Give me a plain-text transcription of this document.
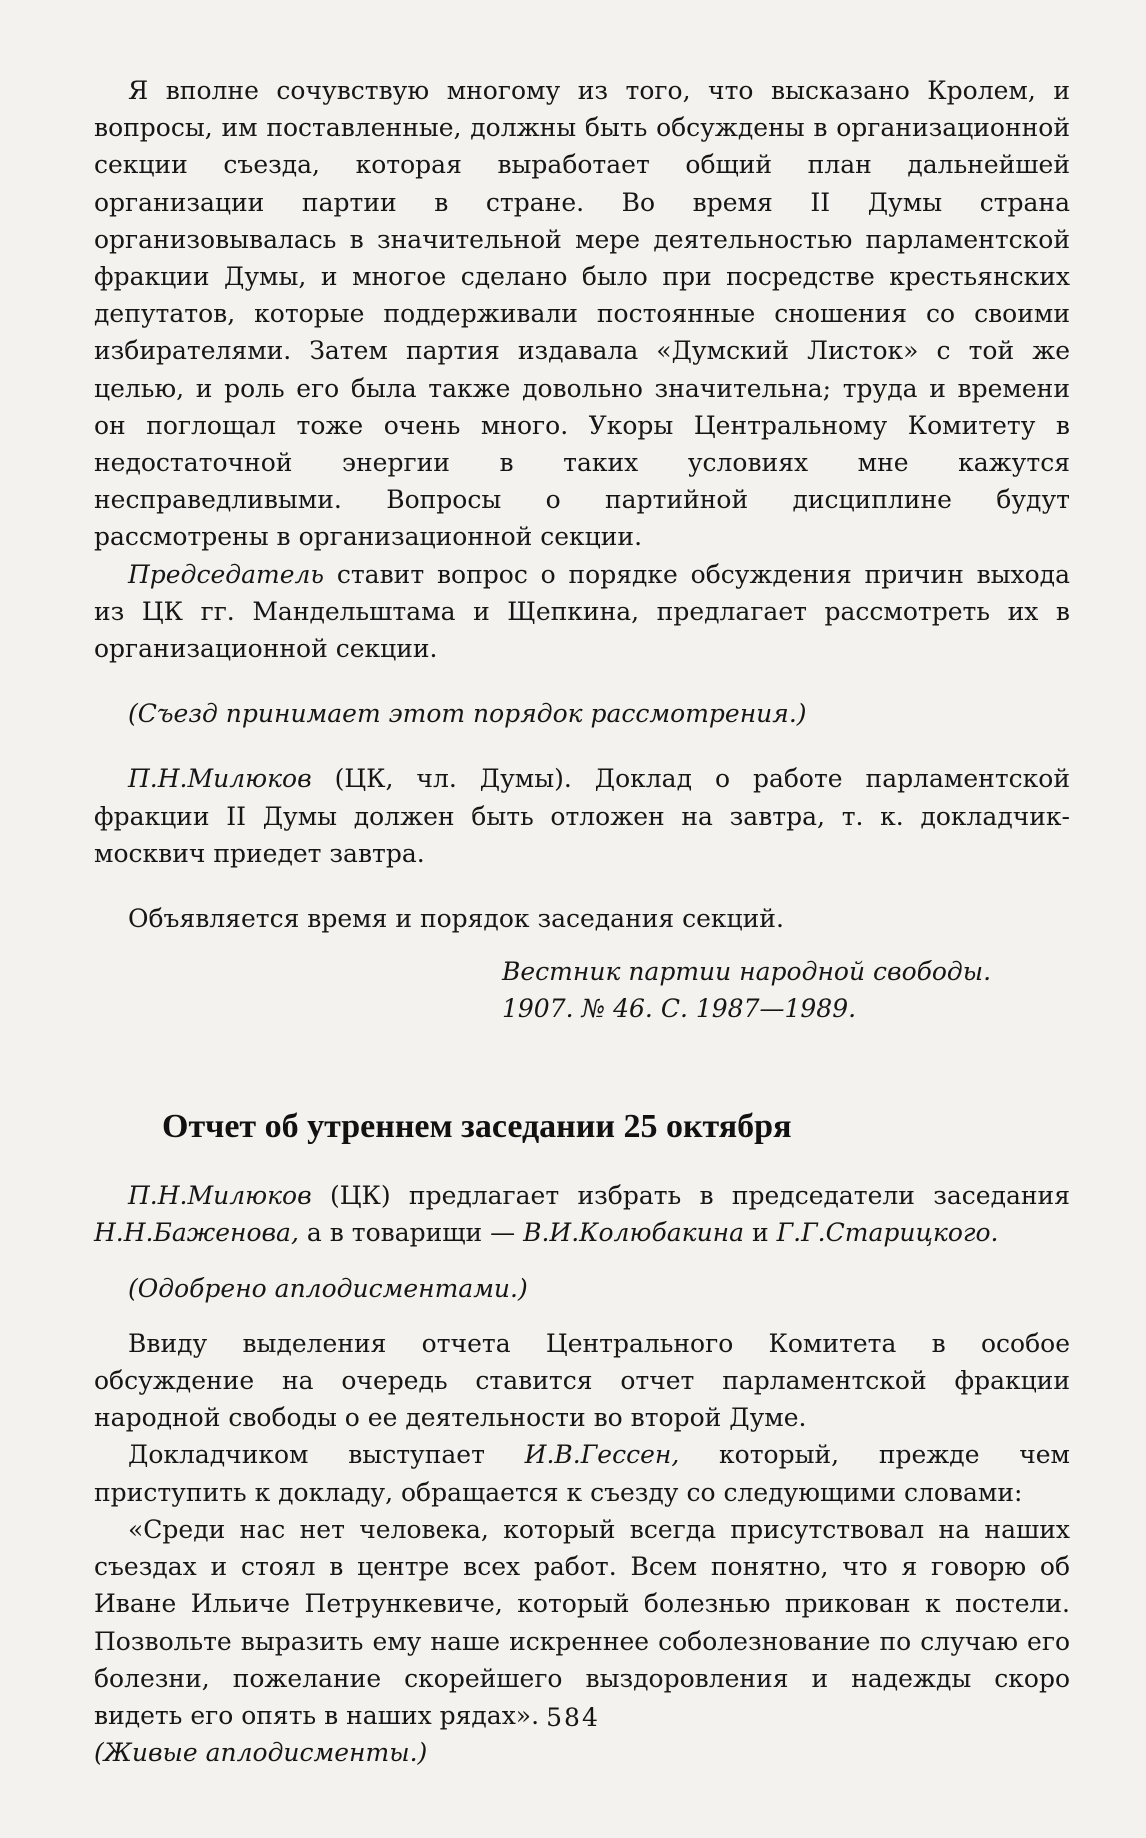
Я вполне сочувствую многому из того, что высказано Кролем, и вопросы, им поставленные, должны быть обсуждены в организационной секции съезда, которая выработает общий план дальнейшей организации партии в стране. Во время II Думы страна организовывалась в значительной мере деятельностью парламентской фракции Думы, и многое сделано было при посредстве крестьянских депутатов, которые поддерживали постоянные сношения со своими избирателями. Затем партия издавала «Думский Листок» с той же целью, и роль его была также довольно значительна; труда и времени он поглощал тоже очень много. Укоры Центральному Комитету в недостаточной энергии в таких условиях мне кажутся несправедливыми. Вопросы о партийной дисциплине будут рассмотрены в организационной секции.

Председатель ставит вопрос о порядке обсуждения причин выхода из ЦК гг. Мандельштама и Щепкина, предлагает рассмотреть их в организационной секции.

(Съезд принимает этот порядок рассмотрения.)

П.Н.Милюков (ЦК, чл. Думы). Доклад о работе парламентской фракции II Думы должен быть отложен на завтра, т. к. докладчик-москвич приедет завтра.

Объявляется время и порядок заседания секций.

Вестник партии народной свободы.
1907. № 46. С. 1987—1989.

Отчет об утреннем заседании 25 октября

П.Н.Милюков (ЦК) предлагает избрать в председатели заседания Н.Н.Баженова, а в товарищи — В.И.Колюбакина и Г.Г.Старицкого.

(Одобрено аплодисментами.)

Ввиду выделения отчета Центрального Комитета в особое обсуждение на очередь ставится отчет парламентской фракции народной свободы о ее деятельности во второй Думе.

Докладчиком выступает И.В.Гессен, который, прежде чем приступить к докладу, обращается к съезду со следующими словами:

«Среди нас нет человека, который всегда присутствовал на наших съездах и стоял в центре всех работ. Всем понятно, что я говорю об Иване Ильиче Петрункевиче, который болезнью прикован к постели. Позвольте выразить ему наше искреннее соболезнование по случаю его болезни, пожелание скорейшего выздоровления и надежды скоро видеть его опять в наших рядах».
(Живые аплодисменты.)

584
